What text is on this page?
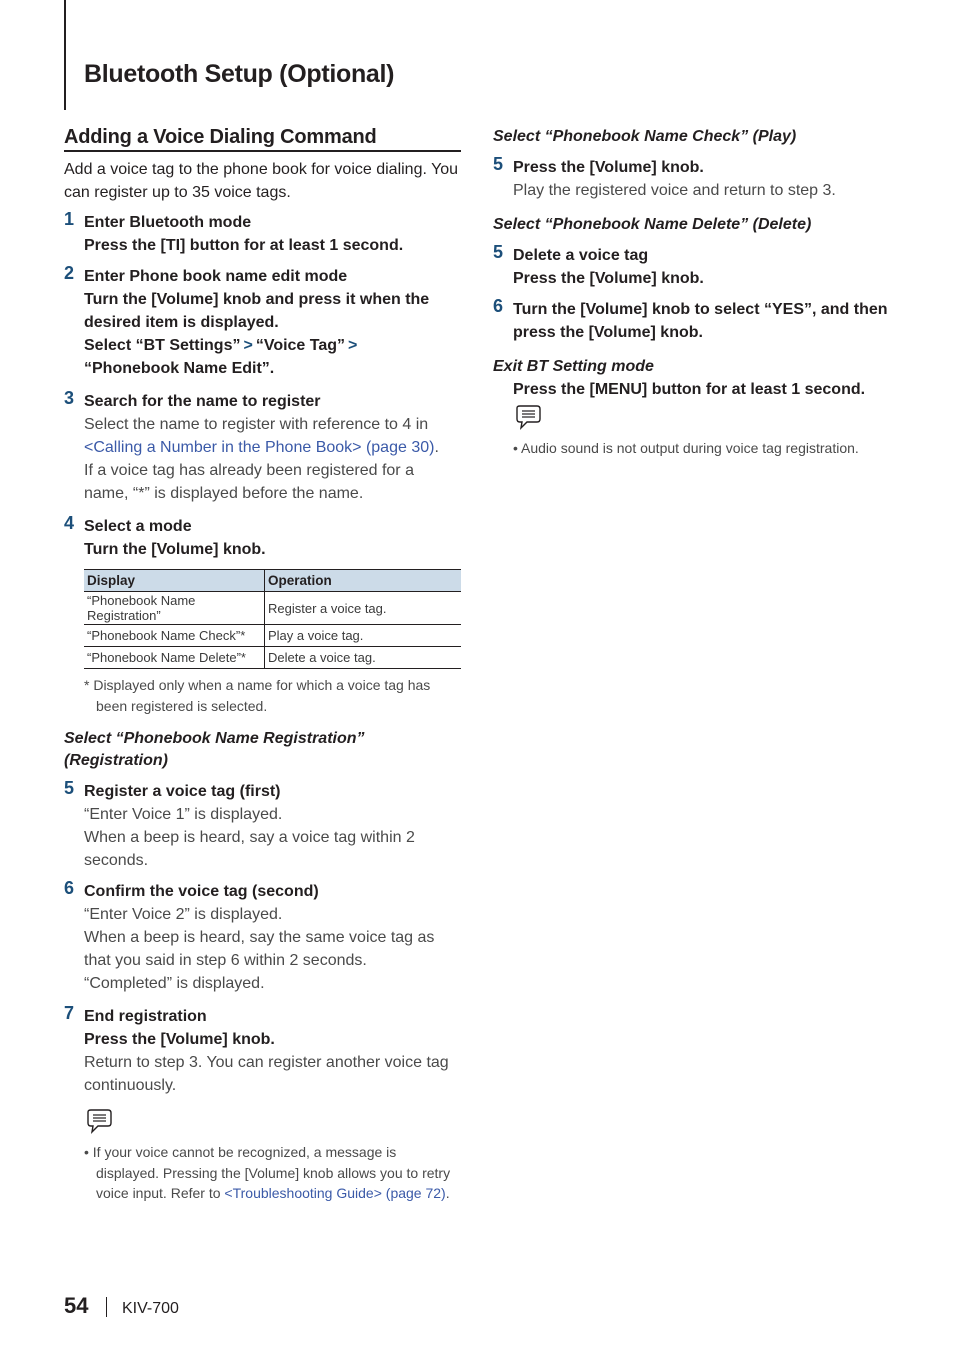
Bluetooth Setup (Optional)
Adding a Voice Dialing Command

Add a voice tag to the phone book for voice dialing. You can register up to 35 voice tags.

1 Enter Bluetooth mode
Press the [TI] button for at least 1 second.
2 Enter Phone book name edit mode
Turn the [Volume] knob and press it when the desired item is displayed.
Select “BT Settings” > “Voice Tag” >
“Phonebook Name Edit”.
3 Search for the name to register
Select the name to register with reference to 4 in <Calling a Number in the Phone Book> (page 30).
If a voice tag has already been registered for a name, “*” is displayed before the name.
4 Select a mode
Turn the [Volume] knob.
Display	Operation
“Phonebook Name Registration”	Register a voice tag.
“Phonebook Name Check”*	Play a voice tag.
“Phonebook Name Delete”*	Delete a voice tag.
* Displayed only when a name for which a voice tag has been registered is selected.
Select “Phonebook Name Registration” (Registration)
5 Register a voice tag (first)
“Enter Voice 1” is displayed.
When a beep is heard, say a voice tag within 2 seconds.
6 Confirm the voice tag (second)
“Enter Voice 2” is displayed.
When a beep is heard, say the same voice tag as that you said in step 6 within 2 seconds.
“Completed” is displayed.
7 End registration
Press the [Volume] knob.
Return to step 3. You can register another voice tag continuously.
• If your voice cannot be recognized, a message is displayed. Pressing the [Volume] knob allows you to retry voice input. Refer to <Troubleshooting Guide> (page 72).
Select “Phonebook Name Check” (Play)
5 Press the [Volume] knob.
Play the registered voice and return to step 3.
Select “Phonebook Name Delete” (Delete)
5 Delete a voice tag
Press the [Volume] knob.
6 Turn the [Volume] knob to select “YES”, and then press the [Volume] knob.
Exit BT Setting mode
Press the [MENU] button for at least 1 second.
• Audio sound is not output during voice tag registration.
54 KIV-700
